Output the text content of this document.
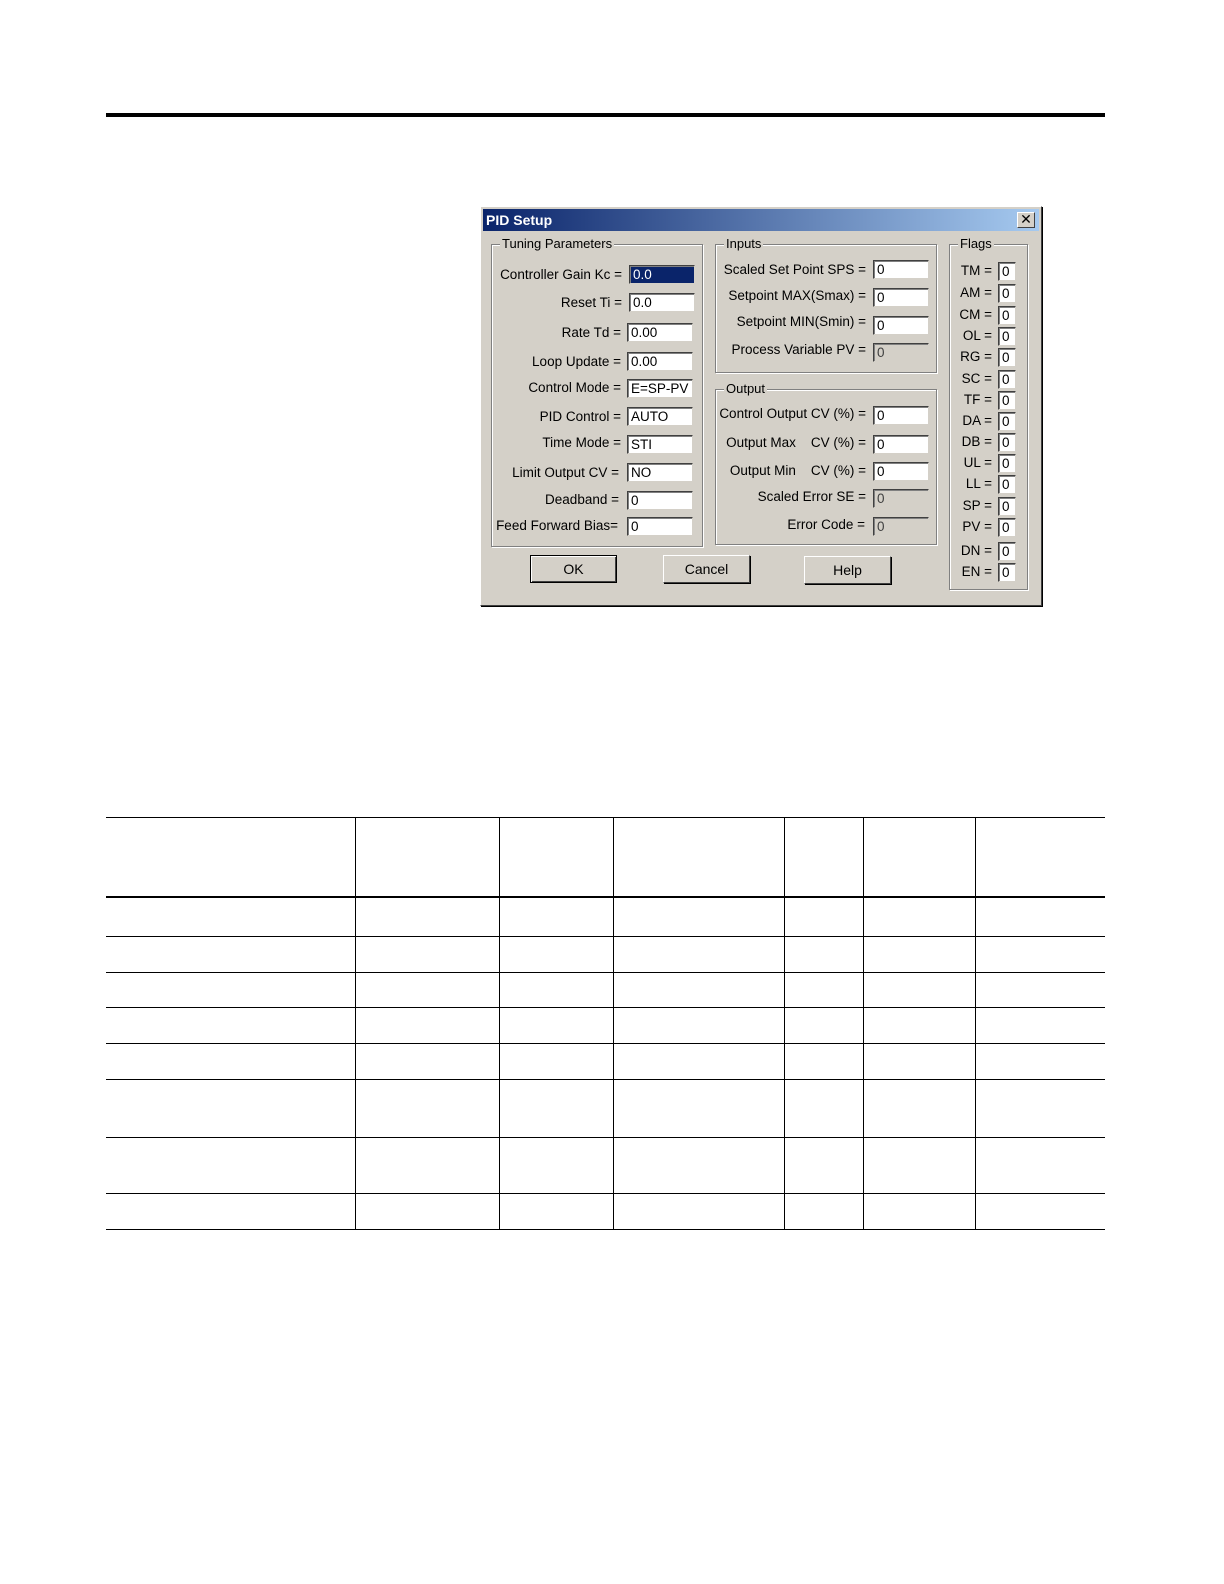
PID Setup	✕
Tuning Parameters
Controller Gain Kc = 0.0
Reset Ti = 0.0
Rate Td = 0.00
Loop Update = 0.00
Control Mode = E=SP-PV
PID Control = AUTO
Time Mode = STI
Limit Output CV = NO
Deadband = 0
Feed Forward Bias= 0
Inputs
Scaled Set Point SPS = 0
Setpoint MAX(Smax) = 0
Setpoint MIN(Smin) = 0
Process Variable PV = 0
Output
Control Output CV (%) = 0
Output Max    CV (%) = 0
Output Min    CV (%) = 0
Scaled Error SE = 0
Error Code = 0
Flags
OK	Cancel	Help
TM = 0
AM = 0
CM = 0
OL = 0
RG = 0
SC = 0
TF = 0
DA = 0
DB = 0
UL = 0
LL = 0
SP = 0
PV = 0
DN = 0
EN = 0
